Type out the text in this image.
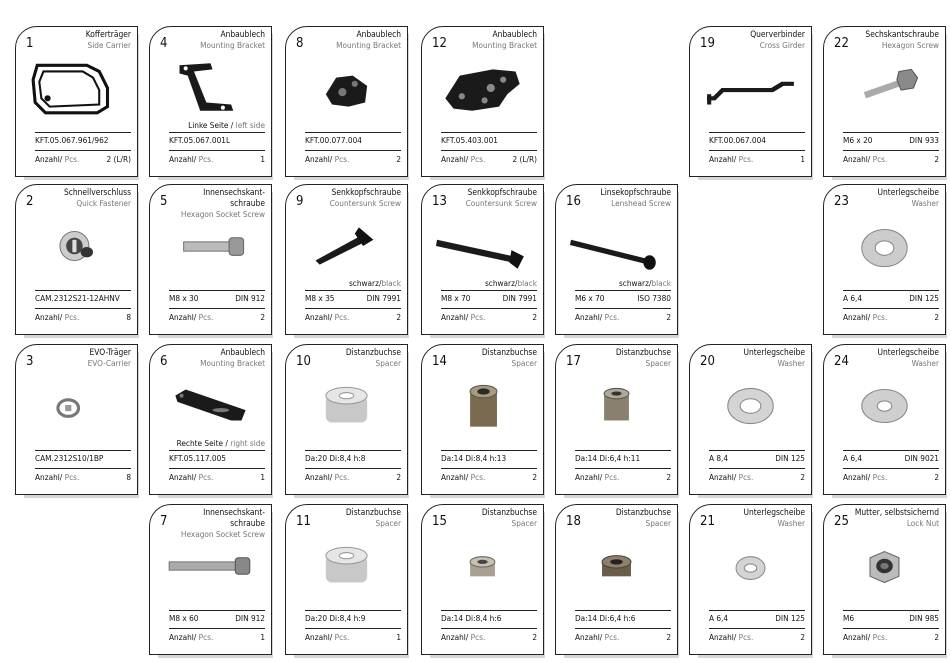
1
Kofferträger
Side Carrier
KFT.05.067.961/962
Anzahl/ Pcs.	2 (L/R)
4
Anbaublech
Mounting Bracket
Linke Seite / left side
KFT.05.067.001L
Anzahl/ Pcs.	1
8
Anbaublech
Mounting Bracket
KFT.00.077.004
Anzahl/ Pcs.	2
12
Anbaublech
Mounting Bracket
KFT.05.403.001
Anzahl/ Pcs.	2 (L/R)
19
Querverbinder
Cross Girder
KFT.00.067.004
Anzahl/ Pcs.	1
22
Sechskantschraube
Hexagon Screw
M6 x 20	DIN 933
Anzahl/ Pcs.	2
2
Schnellverschluss
Quick Fastener
CAM.2312S21-12AHNV
Anzahl/ Pcs.	8
5
Innensechskant-
schraube
Hexagon Socket Screw
M8 x 30	DIN 912
Anzahl/ Pcs.	2
9
Senkkopfschraube
Countersunk Screw
schwarz/black
M8 x 35	DIN 7991
Anzahl/ Pcs.	2
13
Senkkopfschraube
Countersunk Screw
schwarz/black
M8 x 70	DIN 7991
Anzahl/ Pcs.	2
16
Linsekopfschraube
Lenshead Screw
schwarz/black
M6 x 70	ISO 7380
Anzahl/ Pcs.	2
23
Unterlegscheibe
Washer
A 6,4	DIN 125
Anzahl/ Pcs.	2
3
EVO-Träger
EVO-Carrier
CAM.2312S10/1BP
Anzahl/ Pcs.	8
6
Anbaublech
Mounting Bracket
Rechte Seite / right side
KFT.05.117.005
Anzahl/ Pcs.	1
10
Distanzbuchse
Spacer
Da:20 Di:8,4 h:8
Anzahl/ Pcs.	2
14
Distanzbuchse
Spacer
Da:14 Di:8,4 h:13
Anzahl/ Pcs.	2
17
Distanzbuchse
Spacer
Da:14 Di:6,4 h:11
Anzahl/ Pcs.	2
20
Unterlegscheibe
Washer
A 8,4	DIN 125
Anzahl/ Pcs.	2
24
Unterlegscheibe
Washer
A 6,4	DIN 9021
Anzahl/ Pcs.	2
7
Innensechskant-
schraube
Hexagon Socket Screw
M8 x 60	DIN 912
Anzahl/ Pcs.	1
11
Distanzbuchse
Spacer
Da:20 Di:8,4 h:9
Anzahl/ Pcs.	1
15
Distanzbuchse
Spacer
Da:14 Di:8,4 h:6
Anzahl/ Pcs.	2
18
Distanzbuchse
Spacer
Da:14 Di:6,4 h:6
Anzahl/ Pcs.	2
21
Unterlegscheibe
Washer
A 6,4	DIN 125
Anzahl/ Pcs.	2
25
Mutter, selbstsichernd
Lock Nut
M6	DIN 985
Anzahl/ Pcs.	2
